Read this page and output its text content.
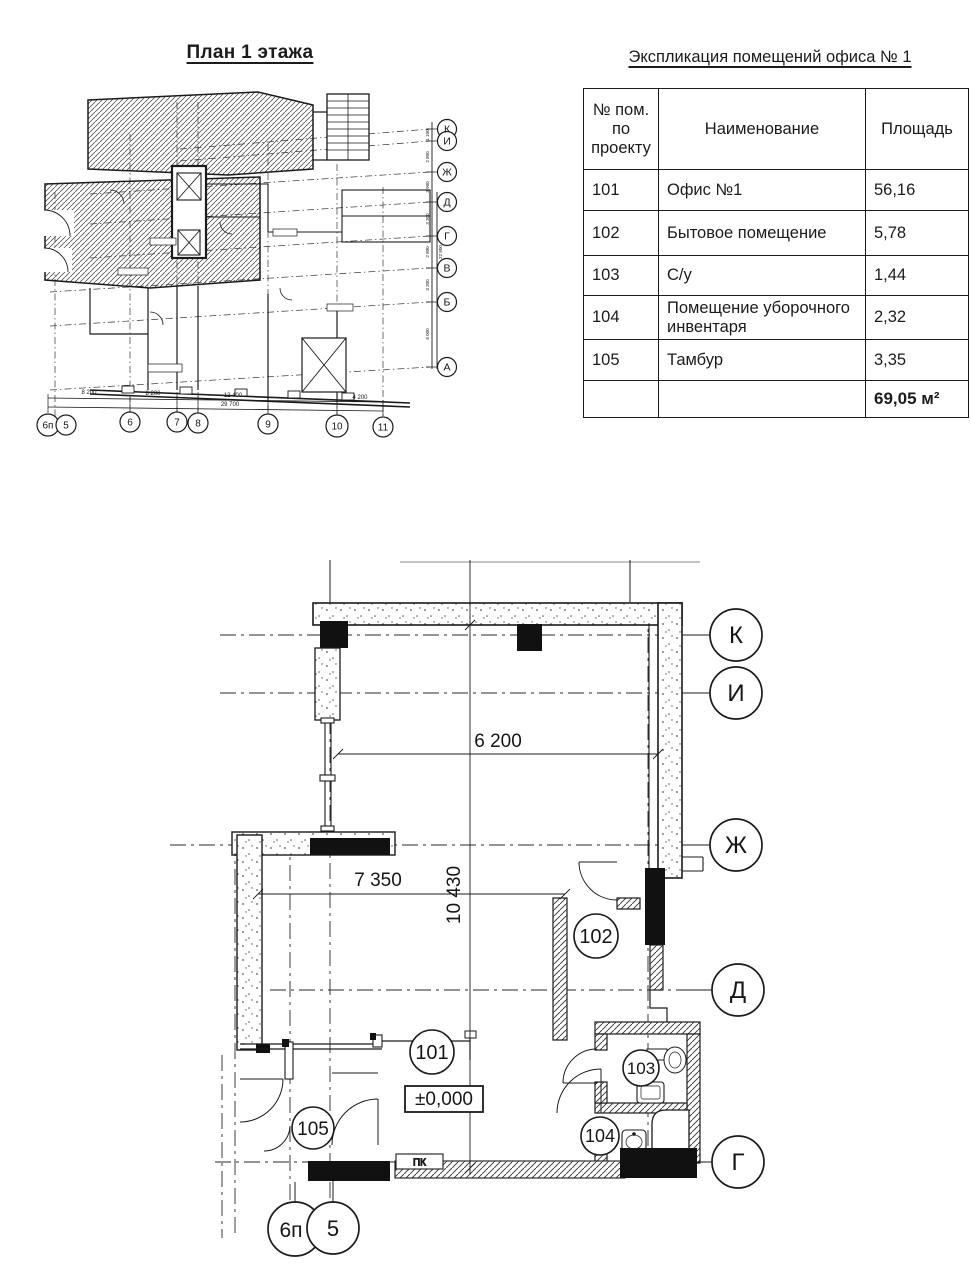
План 1 этажа	Экспликация помещений офиса № 1
№ пом. по проекту	Наименование	Площадь
101	Офис №1	56,16
102	Бытовое помещение	5,78
103	С/у	1,44
104	Помещение уборочного инвентаря	2,32
105	Тамбур	3,35
		69,05 м²
К
И
Ж
Д
Г
В
Б
А
1 100
2 800
3 900
3 300
2 800
3 300
8 000
22 800
8 200	8 200	12 400	4 200
29 700
6п 5	6	7 8	9	10	11
ПК
6 200
7 350 10 430
К
И
Ж
Д
Г
101
102
103
104
105
±0,000
6п 5
